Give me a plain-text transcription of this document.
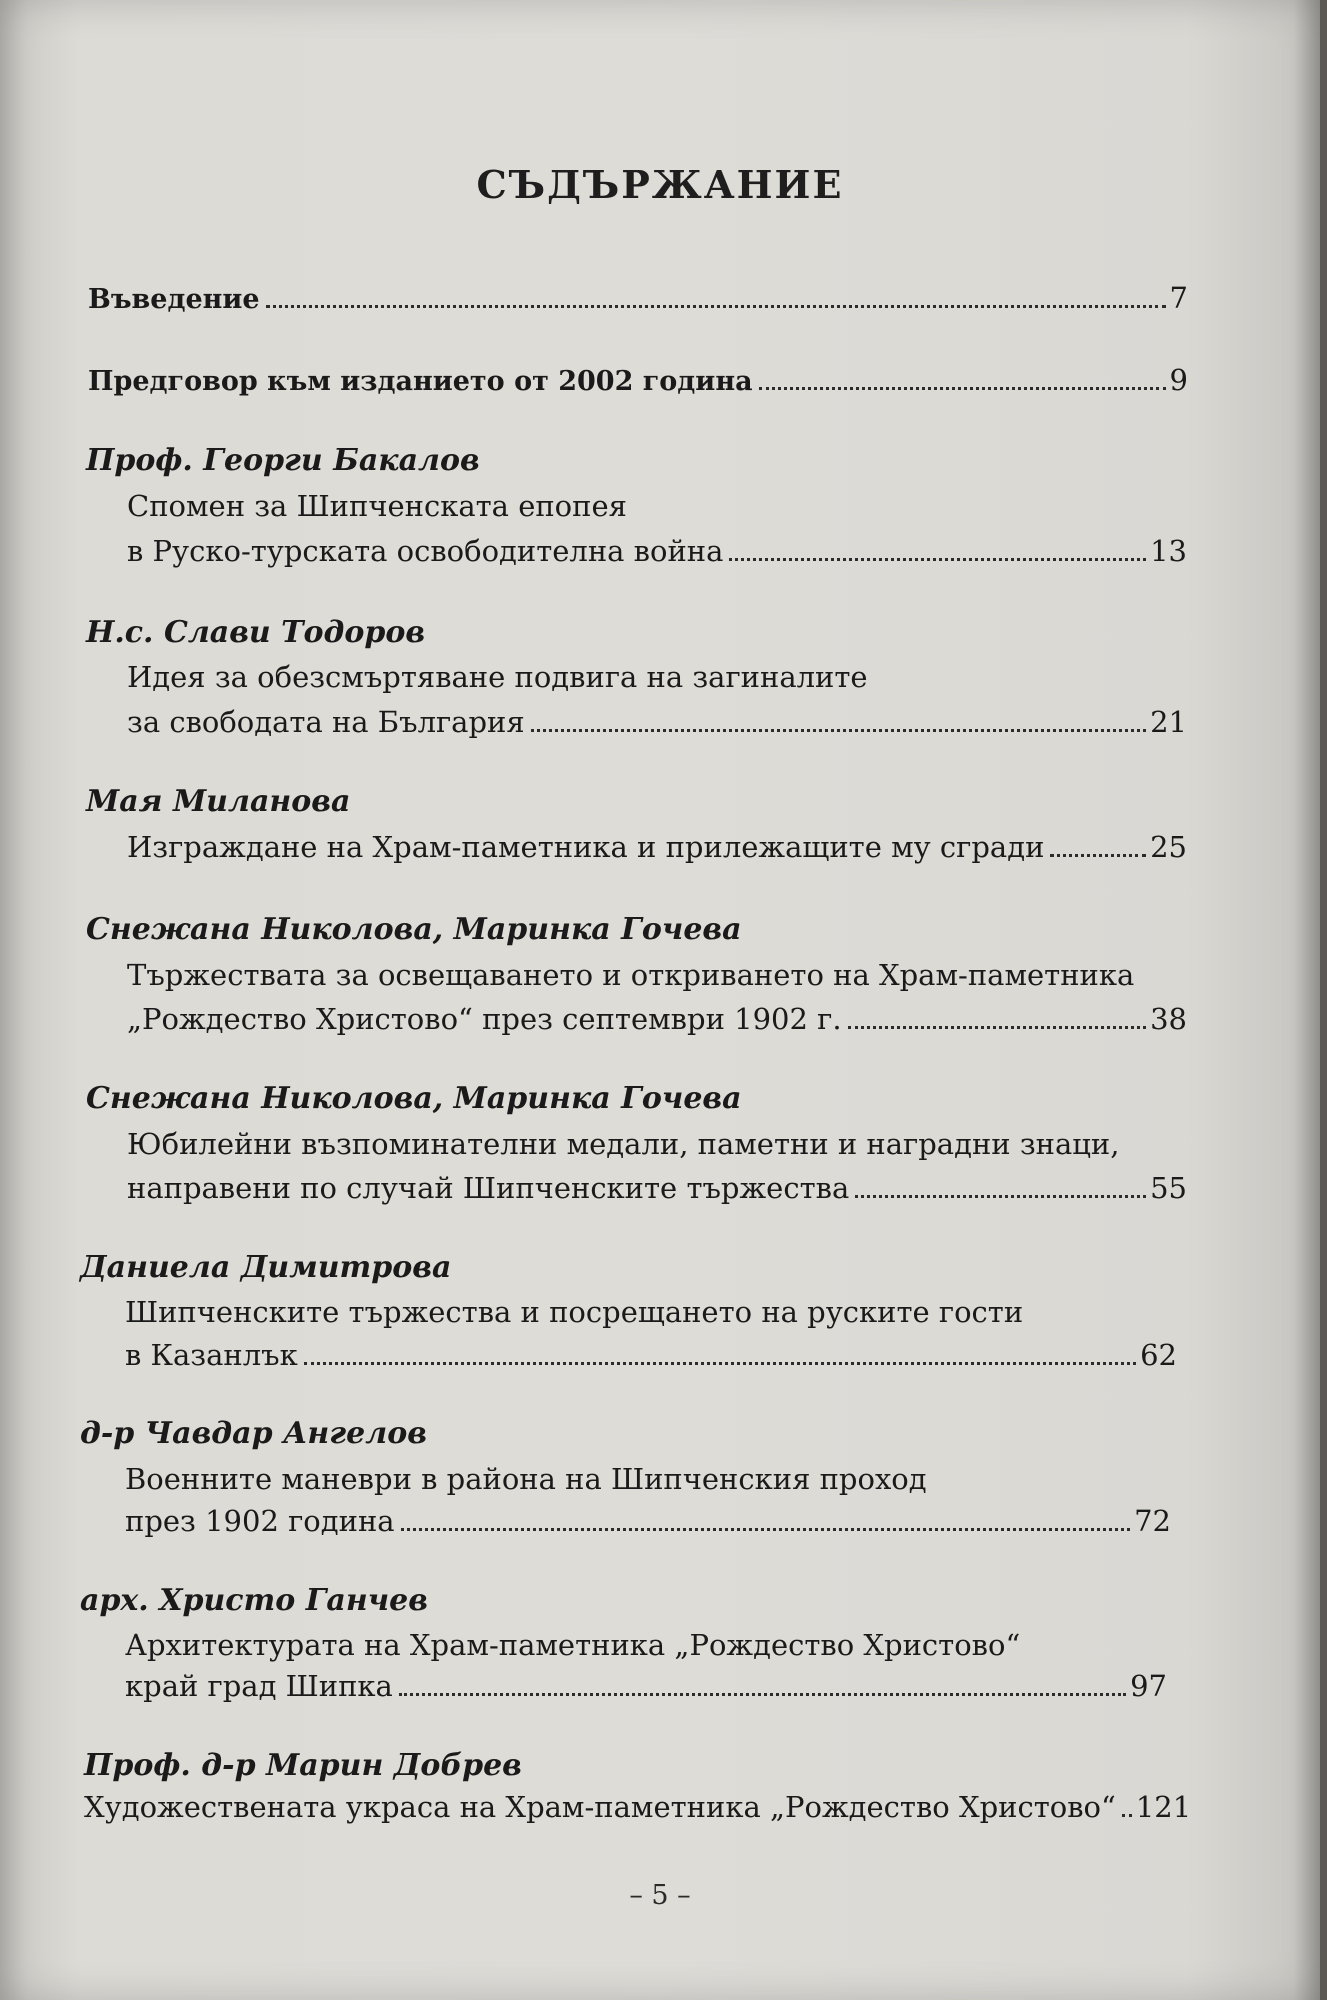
СЪДЪРЖАНИЕ
Въведение	7
Предговор към изданието от 2002 година	9
Проф. Георги Бакалов
Спомен за Шипченската епопея
в Руско-турската освободителна война	13
Н.с. Слави Тодоров
Идея за обезсмъртяване подвига на загиналите
за свободата на България	21
Мая Миланова
Изграждане на Храм-паметника и прилежащите му сгради	25
Снежана Николова, Маринка Гочева
Тържествата за освещаването и откриването на Храм-паметника
„Рождество Христово“ през септември 1902 г.	38
Снежана Николова, Маринка Гочева
Юбилейни възпоминателни медали, паметни и наградни знаци,
направени по случай Шипченските тържества	55
Даниела Димитрова
Шипченските тържества и посрещането на руските гости
в Казанлък	62
д-р Чавдар Ангелов
Военните маневри в района на Шипченския проход
през 1902 година	72
арх. Христо Ганчев
Архитектурата на Храм-паметника „Рождество Христово“
край град Шипка	97
Проф. д-р Марин Добрев
Художествената украса на Храм-паметника „Рождество Христово“ 121
– 5 –
